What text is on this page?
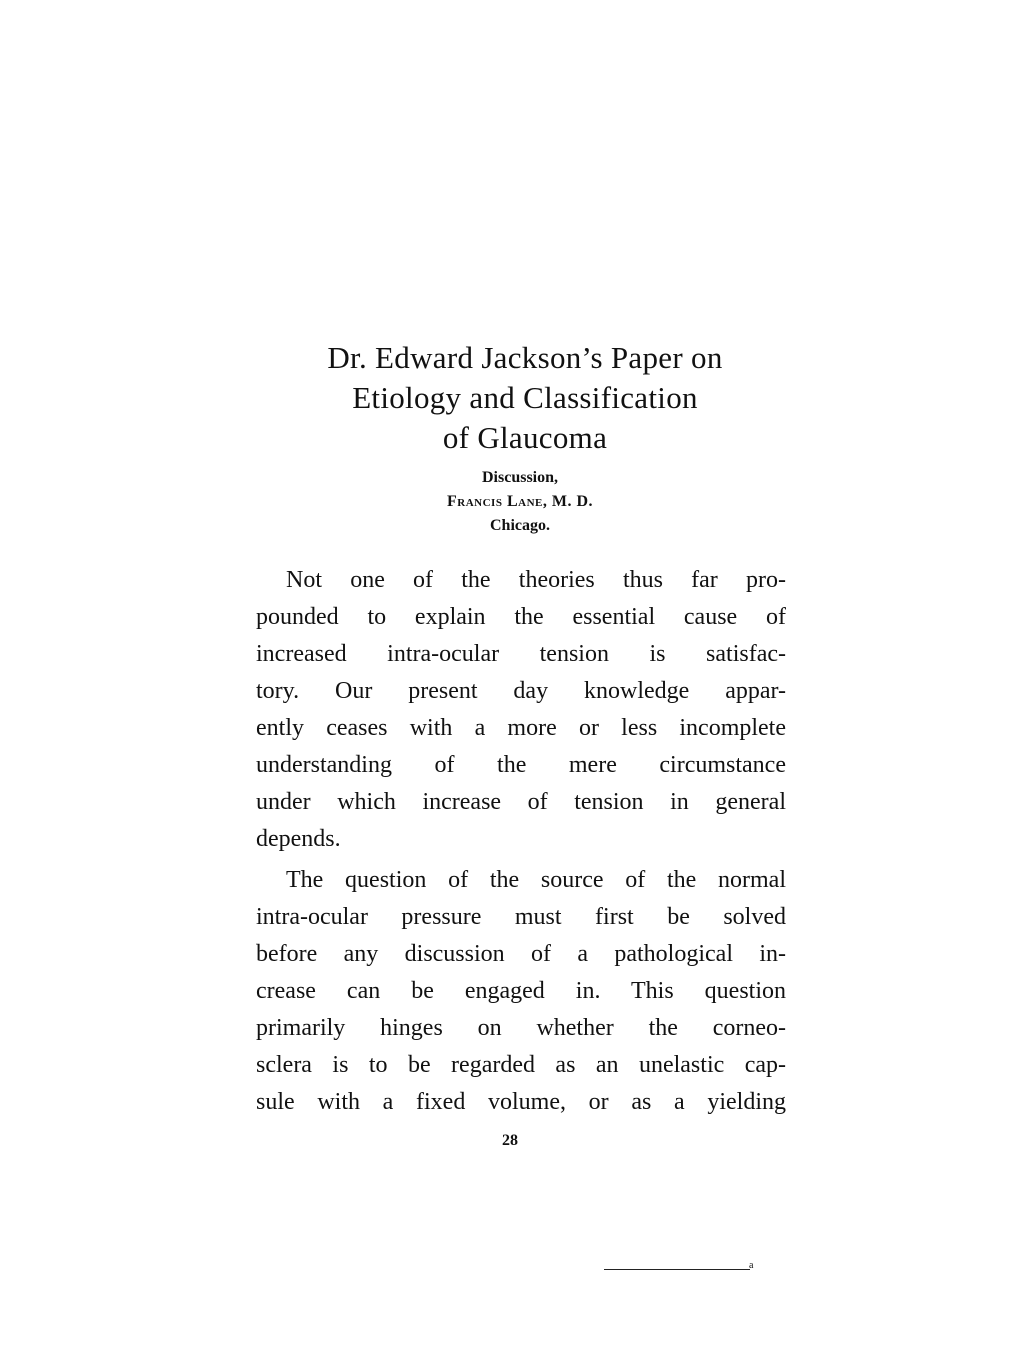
Dr. Edward Jackson’s Paper on
Etiology and Classification
of Glaucoma
Discussion,
Francis Lane, M. D.
Chicago.

Not one of the theories thus far pro-
pounded to explain the essential cause of
increased intra-ocular tension is satisfac-
tory. Our present day knowledge appar-
ently ceases with a more or less incomplete
understanding of the mere circumstance
under which increase of tension in general
depends.

The question of the source of the normal
intra-ocular pressure must first be solved
before any discussion of a pathological in-
crease can be engaged in. This question
primarily hinges on whether the corneo-
sclera is to be regarded as an unelastic cap-
sule with a fixed volume, or as a yielding

28
a
